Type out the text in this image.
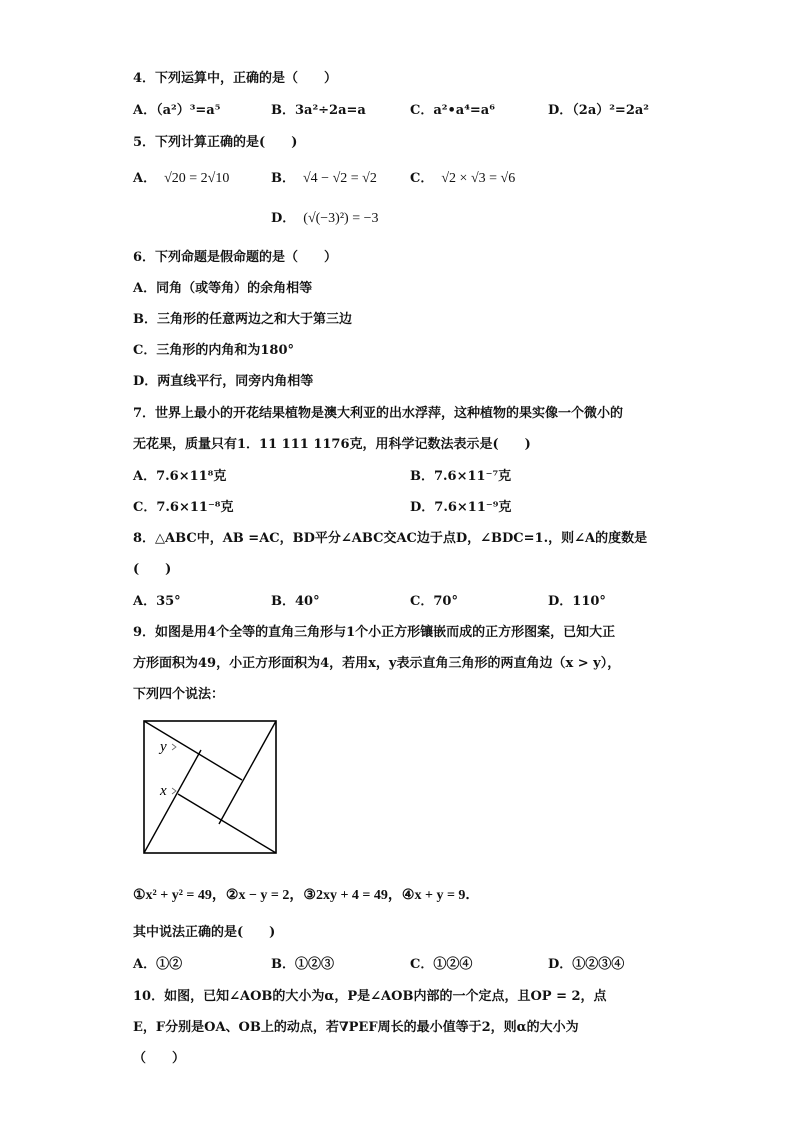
4．下列运算中，正确的是（　　）
A．（a²）³=a⁵	B．3a²÷2a=a	C．a²•a⁴=a⁶	D．（2a）²=2a²
5．下列计算正确的是(　　)
A． √20 = 2√10	B． √4 − √2 = √2	C． √2 × √3 = √6
D． (√(−3)²) = −3
6．下列命题是假命题的是（　　）
A．同角（或等角）的余角相等
B．三角形的任意两边之和大于第三边
C．三角形的内角和为180°
D．两直线平行，同旁内角相等
7．世界上最小的开花结果植物是澳大利亚的出水浮萍，这种植物的果实像一个微小的
无花果，质量只有1．11 111 1176克，用科学记数法表示是(　　)
A．7.6×11⁸克	B．7.6×11⁻⁷克
C．7.6×11⁻⁸克	D．7.6×11⁻⁹克
8．△ABC中，AB =AC，BD平分∠ABC交AC边于点D，∠BDC=1.，则∠A的度数是
(　　)
A．35°	B．40°	C．70°	D．110°
9．如图是用4个全等的直角三角形与1个小正方形镶嵌而成的正方形图案，已知大正
方形面积为49，小正方形面积为4，若用x，y表示直角三角形的两直角边（x > y），
下列四个说法：
y
x
①x² + y² = 49，②x − y = 2，③2xy + 4 = 49，④x + y = 9．
其中说法正确的是(　　)
A．①②	B．①②③	C．①②④	D．①②③④
10．如图，已知∠AOB的大小为α，P是∠AOB内部的一个定点，且OP = 2，点
E，F分别是OA、OB上的动点，若∇PEF周长的最小值等于2，则α的大小为
（　　）
